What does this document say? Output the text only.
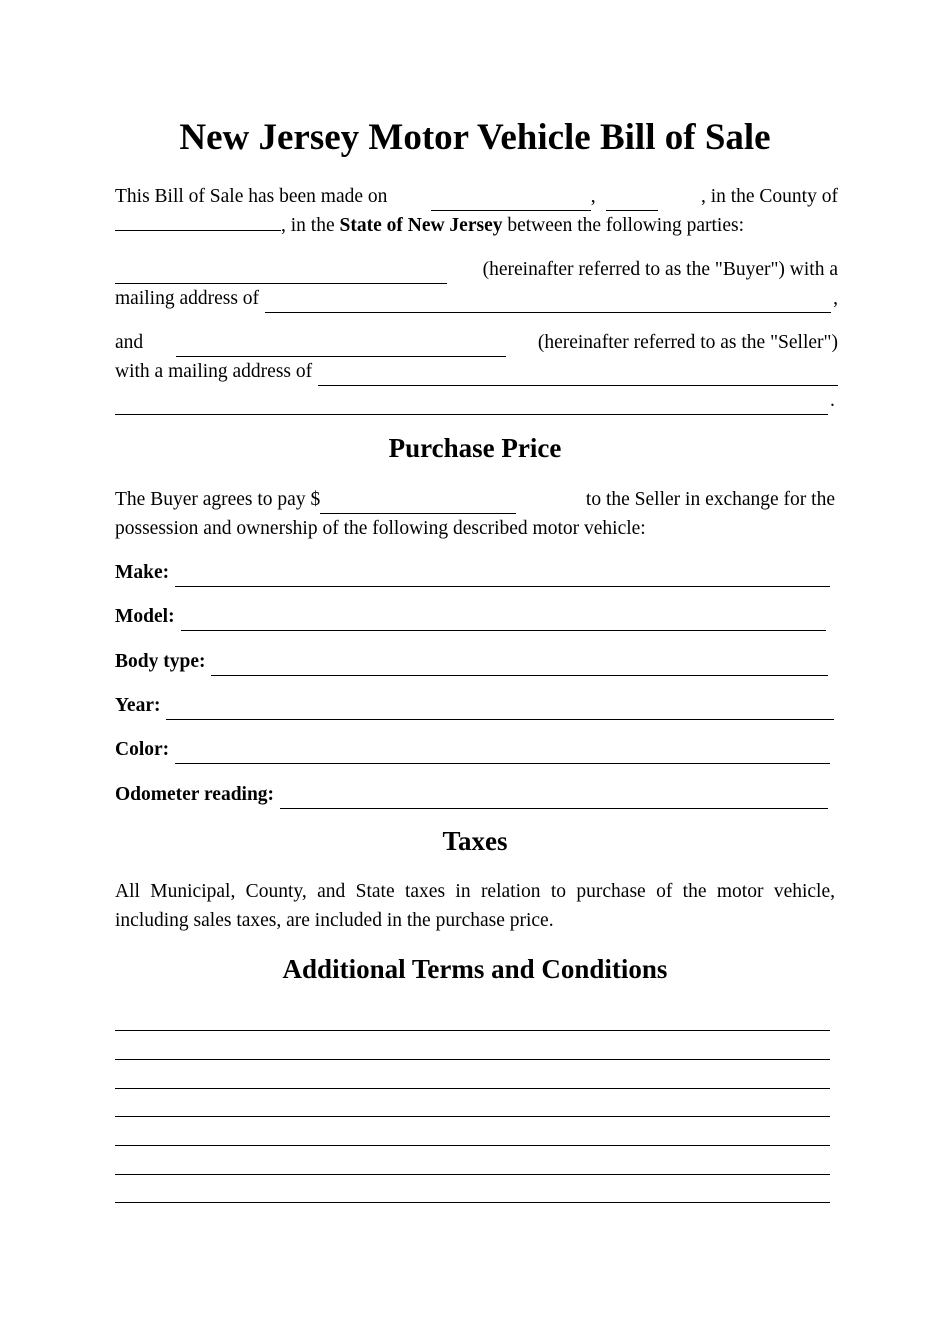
New Jersey Motor Vehicle Bill of Sale
This Bill of Sale has been made on	,	, in the County of
, in the State of New Jersey between the following parties:
(hereinafter referred to as the "Buyer") with a
mailing address of	,
and	(hereinafter referred to as the "Seller")
with a mailing address of
.
Purchase Price
The Buyer agrees to pay $	to the Seller in exchange for the
possession and ownership of the following described motor vehicle:
Make:
Model:
Body type:
Year:
Color:
Odometer reading:
Taxes
All Municipal, County, and State taxes in relation to purchase of the motor vehicle, including sales taxes, are included in the purchase price.
Additional Terms and Conditions
